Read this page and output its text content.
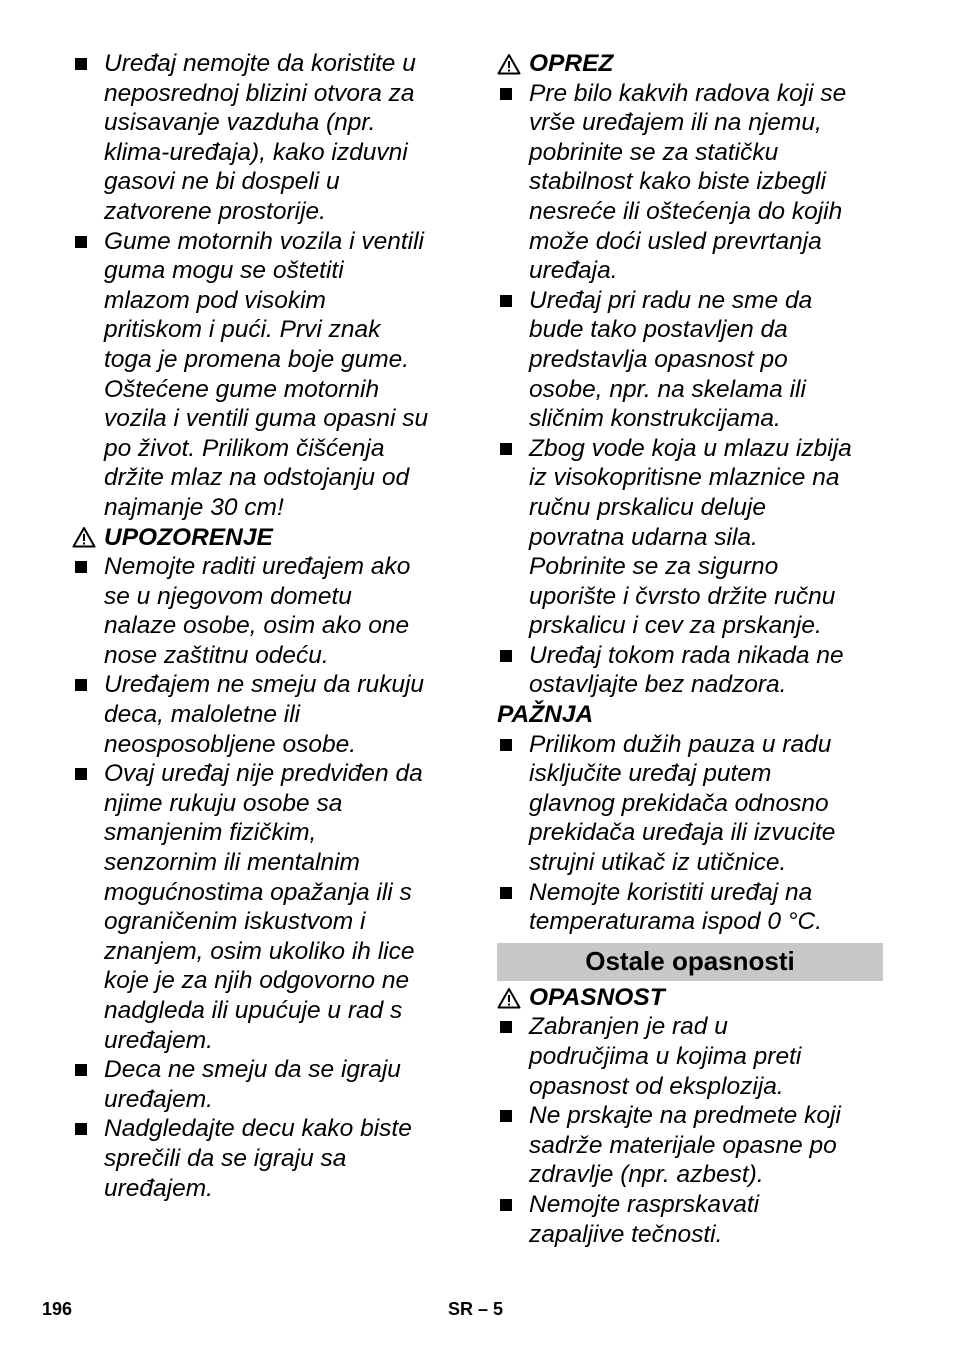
Uređaj nemojte da koristite u
neposrednoj blizini otvora za
usisavanje vazduha (npr.
klima-uređaja), kako izduvni
gasovi ne bi dospeli u
zatvorene prostorije.
Gume motornih vozila i ventili
guma mogu se oštetiti
mlazom pod visokim
pritiskom i pući. Prvi znak
toga je promena boje gume.
Oštećene gume motornih
vozila i ventili guma opasni su
po život. Prilikom čišćenja
držite mlaz na odstojanju od
najmanje 30 cm!
UPOZORENJE
Nemojte raditi uređajem ako
se u njegovom dometu
nalaze osobe, osim ako one
nose zaštitnu odeću.
Uređajem ne smeju da rukuju
deca, maloletne ili
neosposobljene osobe.
Ovaj uređaj nije predviđen da
njime rukuju osobe sa
smanjenim fizičkim,
senzornim ili mentalnim
mogućnostima opažanja ili s
ograničenim iskustvom i
znanjem, osim ukoliko ih lice
koje je za njih odgovorno ne
nadgleda ili upućuje u rad s
uređajem.
Deca ne smeju da se igraju
uređajem.
Nadgledajte decu kako biste
sprečili da se igraju sa
uređajem.
OPREZ
Pre bilo kakvih radova koji se
vrše uređajem ili na njemu,
pobrinite se za statičku
stabilnost kako biste izbegli
nesreće ili oštećenja do kojih
može doći usled prevrtanja
uređaja.
Uređaj pri radu ne sme da
bude tako postavljen da
predstavlja opasnost po
osobe, npr. na skelama ili
sličnim konstrukcijama.
Zbog vode koja u mlazu izbija
iz visokopritisne mlaznice na
ručnu prskalicu deluje
povratna udarna sila.
Pobrinite se za sigurno
uporište i čvrsto držite ručnu
prskalicu i cev za prskanje.
Uređaj tokom rada nikada ne
ostavljajte bez nadzora.
PAŽNJA
Prilikom dužih pauza u radu
isključite uređaj putem
glavnog prekidača odnosno
prekidača uređaja ili izvucite
strujni utikač iz utičnice.
Nemojte koristiti uređaj na
temperaturama ispod 0 °C.
Ostale opasnosti
OPASNOST
Zabranjen je rad u
područjima u kojima preti
opasnost od eksplozija.
Ne prskajte na predmete koji
sadrže materijale opasne po
zdravlje (npr. azbest).
Nemojte rasprskavati
zapaljive tečnosti.
196	SR – 5
